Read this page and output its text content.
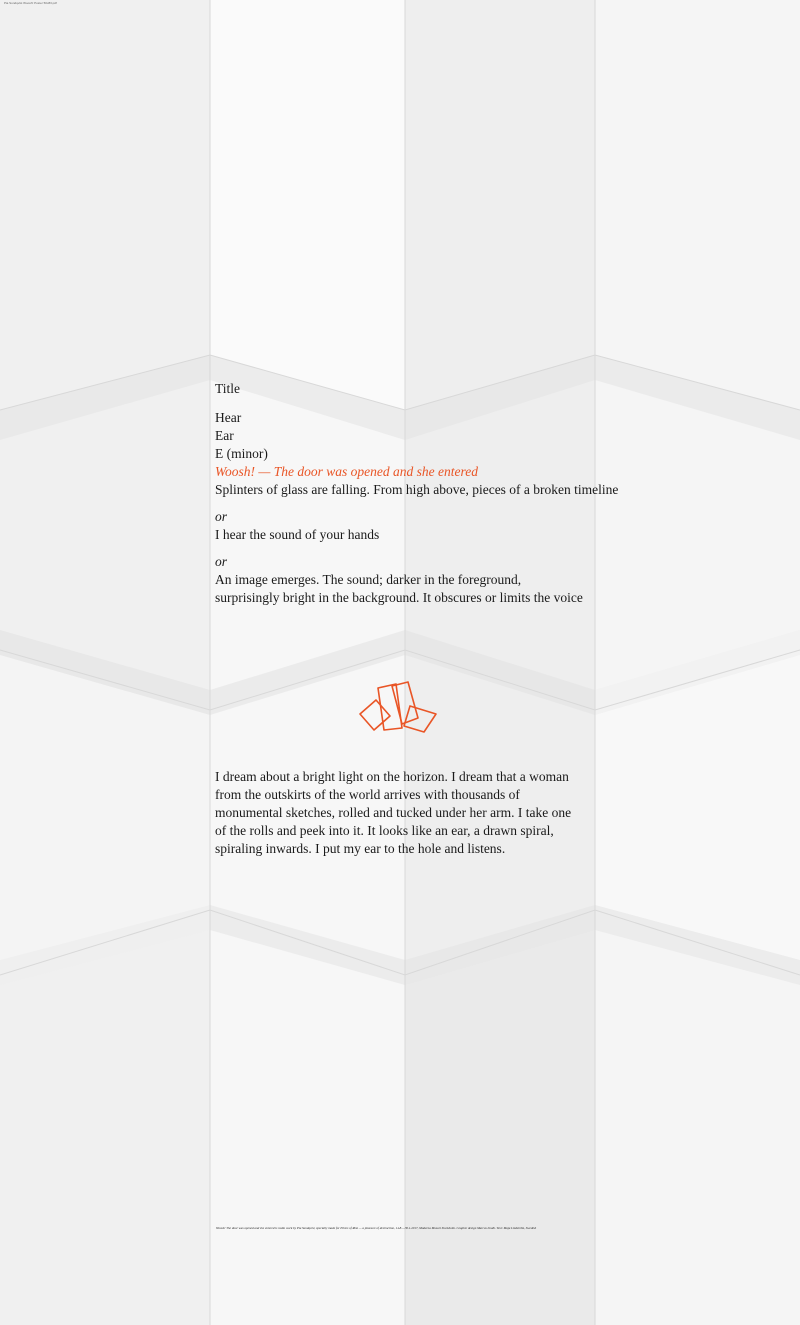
Pia Sundqvist Woosh! Poster 50x83.pdf
Title
Hear
Ear
E (minor)
Woosh! — The door was opened and she entered
Splinters of glass are falling. From high above, pieces of a broken timeline
or
I hear the sound of your hands
or
An image emerges. The sound; darker in the foreground, surprisingly bright in the background. It obscures or limits the voice
I dream about a bright light on the horizon. I dream that a woman from the outskirts of the world arrives with thousands of monumental sketches, rolled and tucked under her arm. I take one of the rolls and peek into it. It looks like an ear, a drawn spiral, spiraling inwards. I put my ear to the hole and listens.
Woosh! The door was opened and she entered is radio work by Pia Sundqvist, specially made for Ethics of Risk — a pleasure of destruction, 14.8.—30.1.2017, Moderna Museet Stockholm. Graphic design Marcus Lindh. Text: Maja Lindström, Swedish
